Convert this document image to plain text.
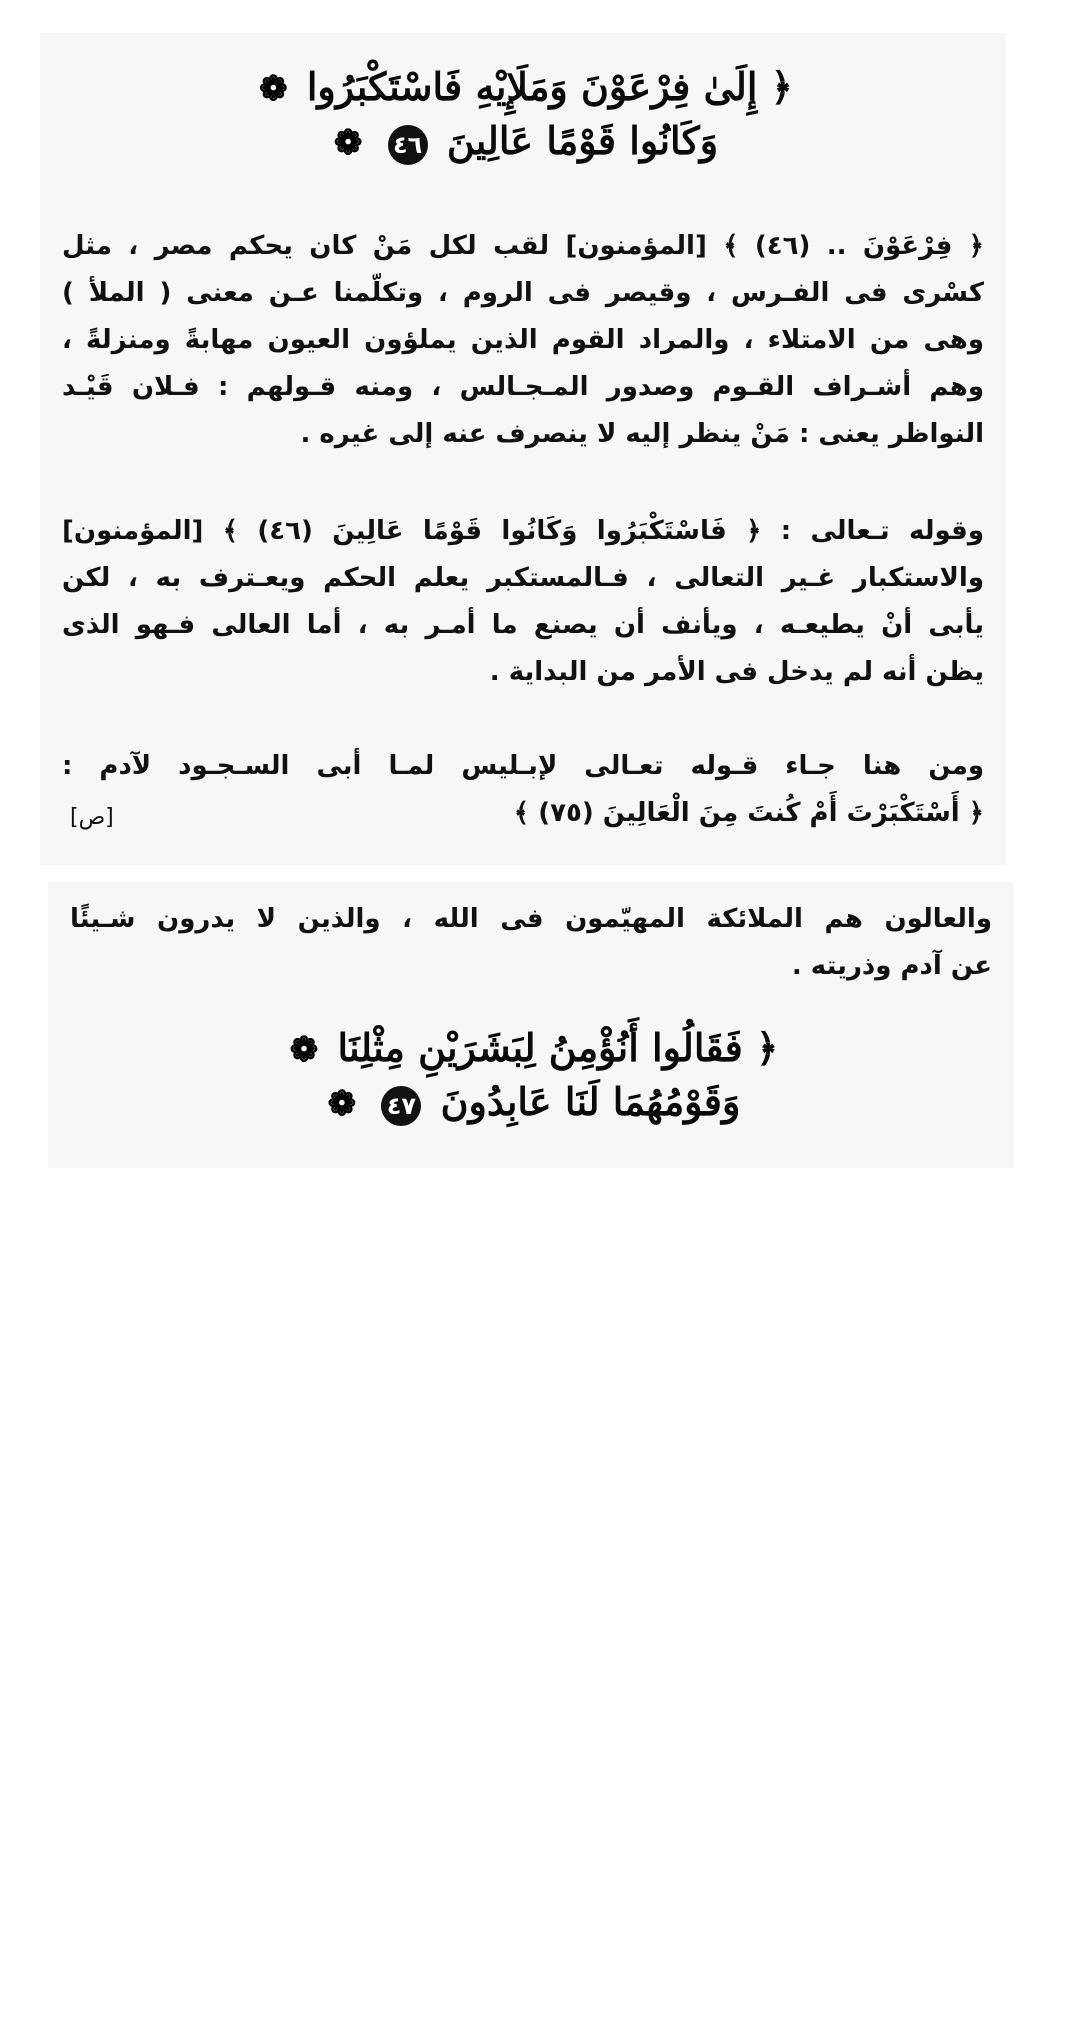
﴿ إِلَىٰ فِرْعَوْنَ وَمَلَإِيْهِ فَاسْتَكْبَرُوا ❁
وَكَانُوا قَوْمًا عَالِينَ ٤٦ ❁
﴿ فِرْعَوْنَ .. (٤٦) ﴾ [المؤمنون] لقب لكل مَنْ كان يحكم مصر ، مثل
كسْرى فى الفـرس ، وقيصر فى الروم ، وتكلّمنا عـن معنى ( الملأ )
وهى من الامتلاء ، والمراد القوم الذين يملؤون العيون مهابةً ومنزلةً ،
وهم أشـراف القـوم وصدور المـجـالس ، ومنه قـولهم : فـلان قَيْـد
النواظر يعنى : مَنْ ينظر إليه لا ينصرف عنه إلى غيره .
وقوله تـعالى : ﴿ فَاسْتَكْبَرُوا وَكَانُوا قَوْمًا عَالِينَ (٤٦) ﴾ [المؤمنون]
والاستكبار غـير التعالى ، فـالمستكبر يعلم الحكم ويعـترف به ، لكن
يأبى أنْ يطيعـه ، ويأنف أن يصنع ما أمـر به ، أما العالى فـهو الذى
يظن أنه لم يدخل فى الأمر من البداية .
ومن هنا جـاء قـوله تعـالى لإبـليس لمـا أبى السـجـود لآدم :
﴿ أَسْتَكْبَرْتَ أَمْ كُنتَ مِنَ الْعَالِينَ (٧٥) ﴾
[ص]
والعالون هم الملائكة المهيّمون فى الله ، والذين لا يدرون شـيئًا
عن آدم وذريته .
﴿ فَقَالُوا أَنُؤْمِنُ لِبَشَرَيْنِ مِثْلِنَا ❁
وَقَوْمُهُمَا لَنَا عَابِدُونَ ٤٧ ❁
